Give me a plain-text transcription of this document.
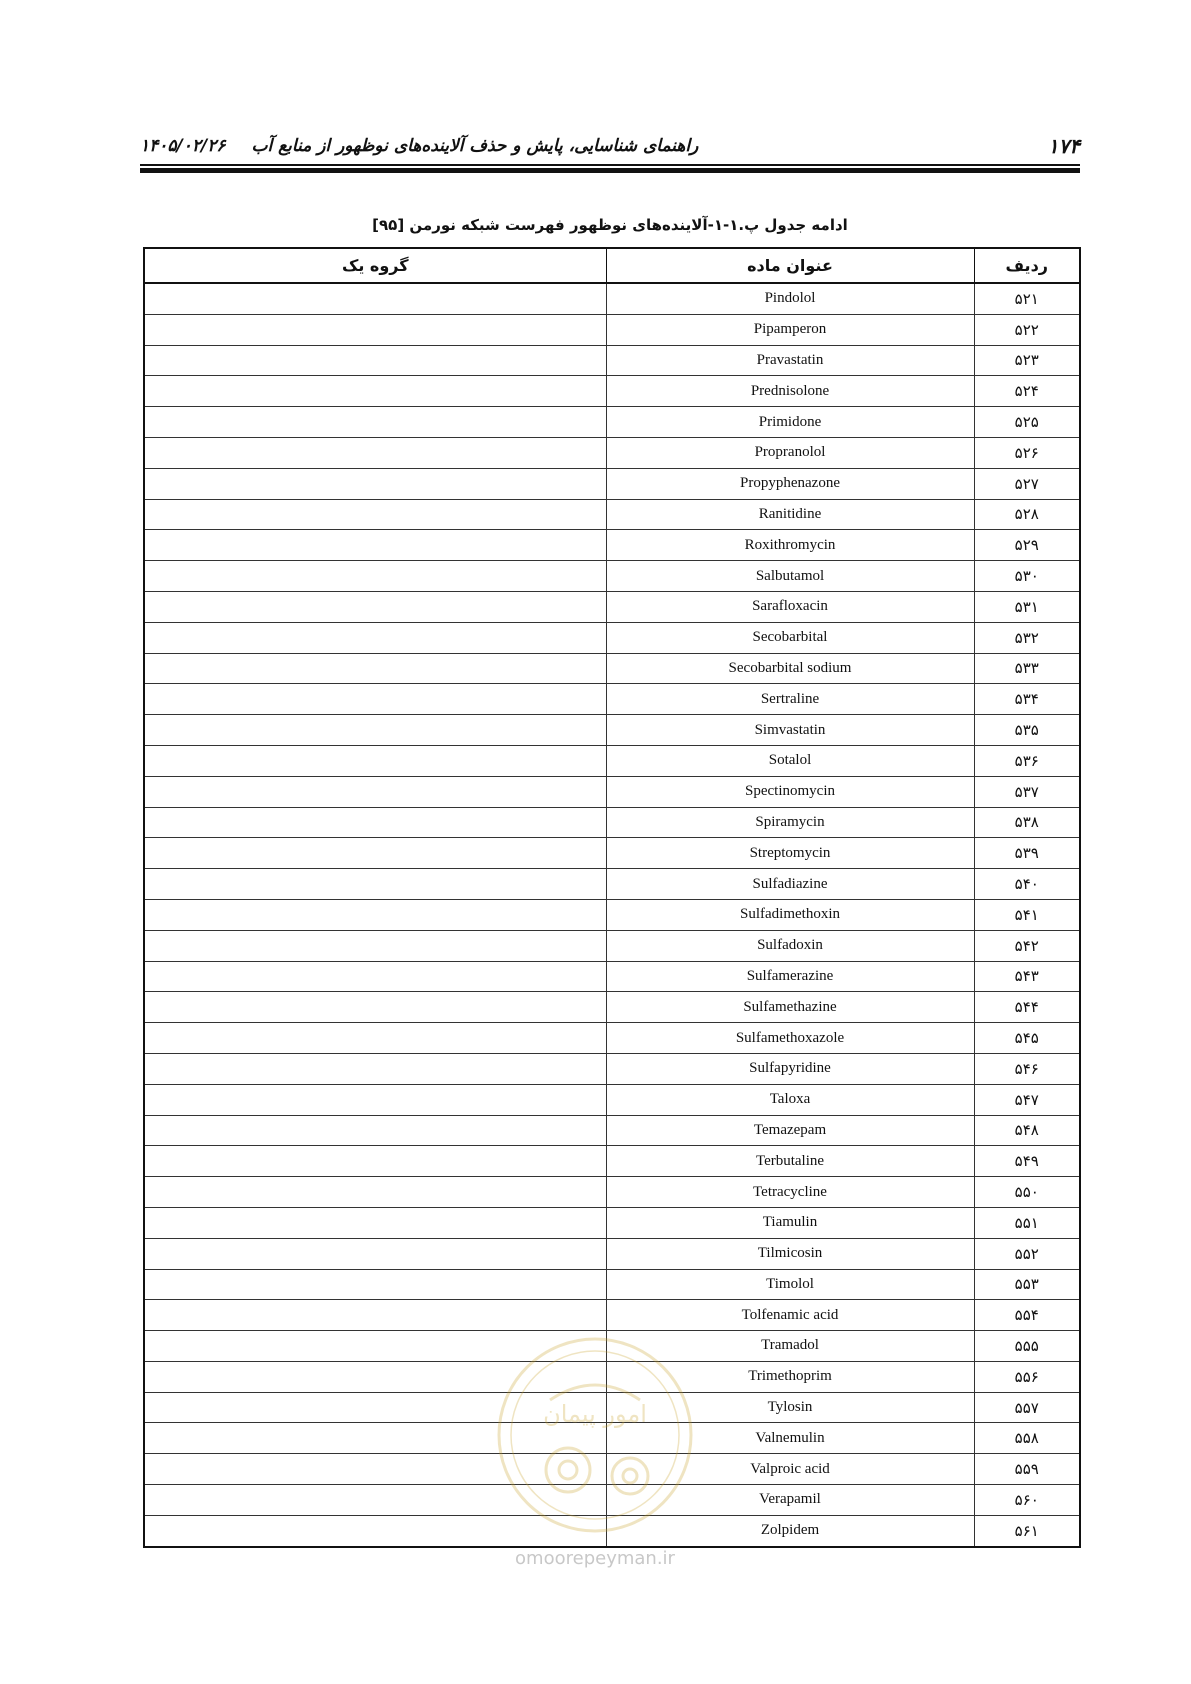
۱۷۴
راهنمای شناسایی، پایش و حذف آلاینده‌های نوظهور از منابع آب
۱۴۰۵/۰۲/۲۶
ادامه جدول پ.۱-۱-آلاینده‌های نوظهور فهرست شبکه نورمن [۹۵]
ردیف	عنوان ماده	گروه یک
۵۲۱	Pindolol	
۵۲۲	Pipamperon	
۵۲۳	Pravastatin	
۵۲۴	Prednisolone	
۵۲۵	Primidone	
۵۲۶	Propranolol	
۵۲۷	Propyphenazone	
۵۲۸	Ranitidine	
۵۲۹	Roxithromycin	
۵۳۰	Salbutamol	
۵۳۱	Sarafloxacin	
۵۳۲	Secobarbital	
۵۳۳	Secobarbital sodium	
۵۳۴	Sertraline	
۵۳۵	Simvastatin	
۵۳۶	Sotalol	
۵۳۷	Spectinomycin	
۵۳۸	Spiramycin	
۵۳۹	Streptomycin	
۵۴۰	Sulfadiazine	
۵۴۱	Sulfadimethoxin	
۵۴۲	Sulfadoxin	
۵۴۳	Sulfamerazine	
۵۴۴	Sulfamethazine	
۵۴۵	Sulfamethoxazole	
۵۴۶	Sulfapyridine	
۵۴۷	Taloxa	
۵۴۸	Temazepam	
۵۴۹	Terbutaline	
۵۵۰	Tetracycline	
۵۵۱	Tiamulin	
۵۵۲	Tilmicosin	
۵۵۳	Timolol	
۵۵۴	Tolfenamic acid	
۵۵۵	Tramadol	
۵۵۶	Trimethoprim	
۵۵۷	Tylosin	
۵۵۸	Valnemulin	
۵۵۹	Valproic acid	
۵۶۰	Verapamil	
۵۶۱	Zolpidem	
امور پیمان
omoorepeyman.ir
